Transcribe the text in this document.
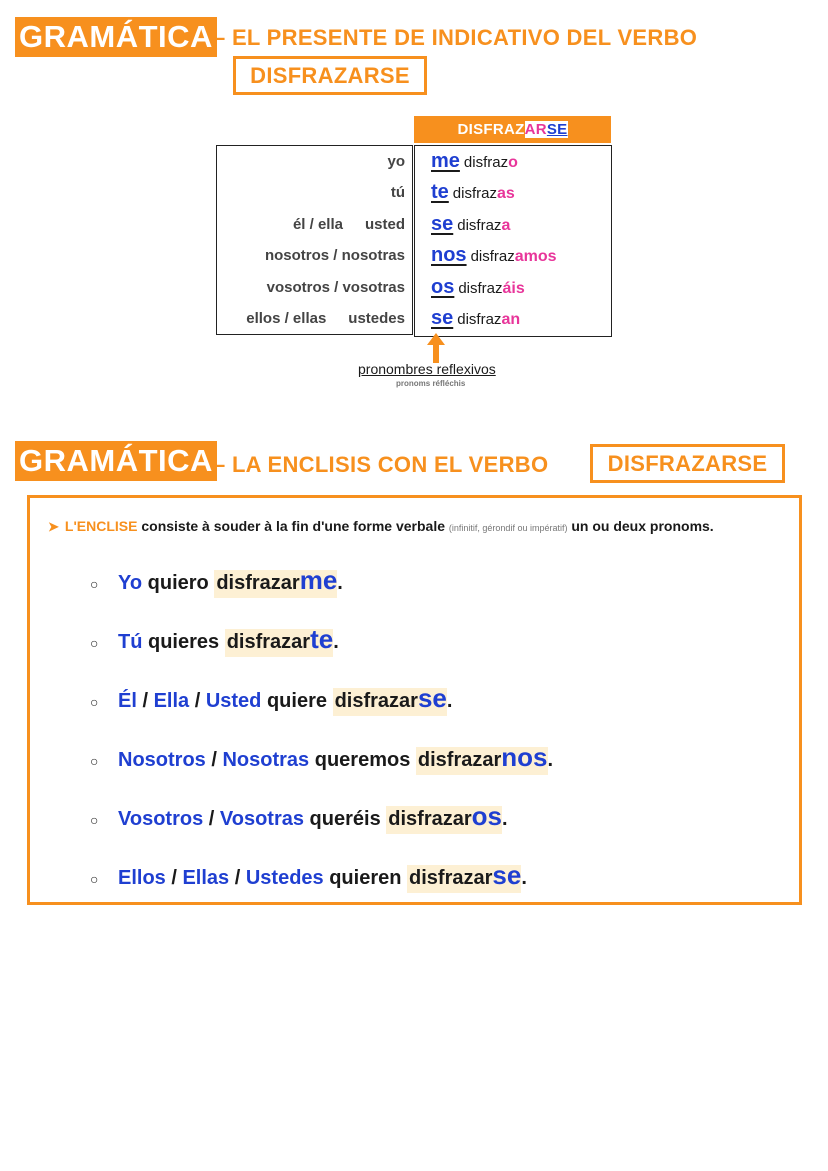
GRAMÁTICA – EL PRESENTE DE INDICATIVO DEL VERBO
DISFRAZARSE
DISFRAZARSE
yo
tú
él / ella usted
nosotros / nosotras
vosotros / vosotras
ellos / ellas ustedes
me disfrazo
te disfrazas
se disfraza
nos disfrazamos
os disfrazáis
se disfrazan
pronombres reflexivos
pronoms réfléchis
GRAMÁTICA – LA ENCLISIS CON EL VERBO	DISFRAZARSE
➤ L'ENCLISE consiste à souder à la fin d'une forme verbale (infinitif, gérondif ou impératif) un ou deux pronoms.
○ Yo quiero disfrazarme.
○ Tú quieres disfrazarte.
○ Él / Ella / Usted quiere disfrazarse.
○ Nosotros / Nosotras queremos disfrazarnos.
○ Vosotros / Vosotras queréis disfrazaros.
○ Ellos / Ellas / Ustedes quieren disfrazarse.
